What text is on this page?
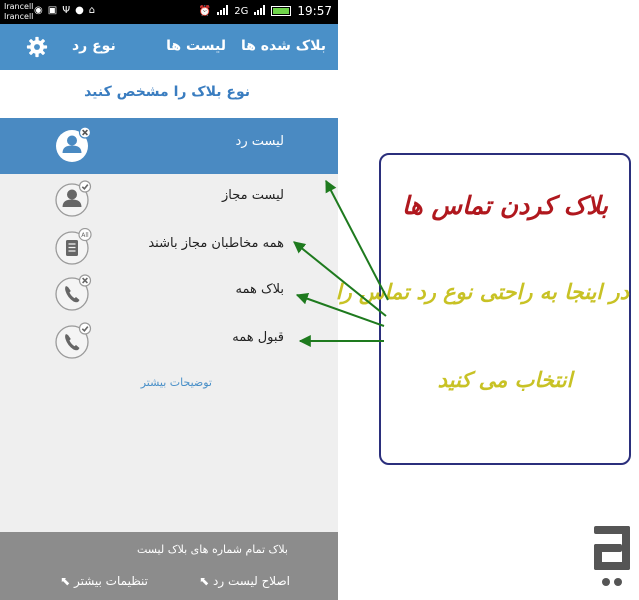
Irancell
Irancell
◉ ▣ Ψ ● ⌂	⏰ 2G	19:57
بلاک شده ها
لیست ها
نوع رد
نوع بلاک را مشخص کنید
لیست رد
لیست مجاز
All
همه مخاطبان مجاز باشند
بلاک همه
قبول همه
توضیحات بیشتر
بلاک تمام شماره های بلاک لیست
اصلاح لیست رد ⬉
تنظیمات بیشتر ⬉
بلاک کردن تماس ها
در اینجا به راحتی نوع رد تماس را
انتخاب می کنید
